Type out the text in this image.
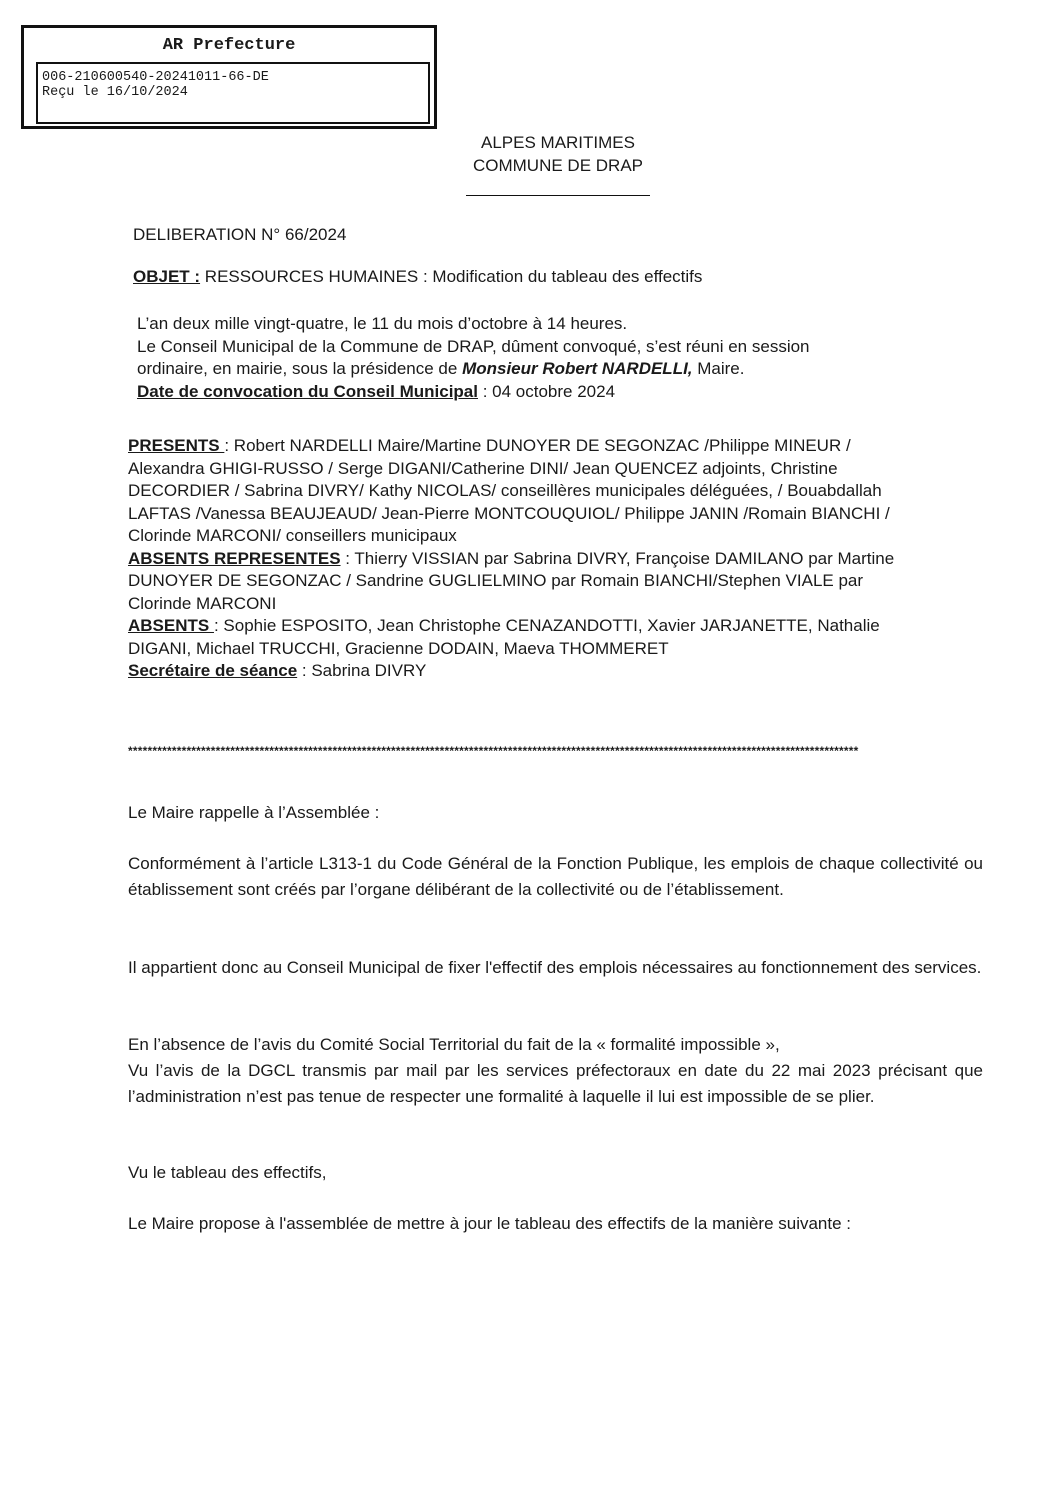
AR Prefecture
006-210600540-20241011-66-DE
Reçu le 16/10/2024
ALPES MARITIMES
COMMUNE DE DRAP
DELIBERATION N° 66/2024
OBJET : RESSOURCES HUMAINES : Modification du tableau des effectifs
L’an deux mille vingt-quatre, le 11 du mois d’octobre à 14 heures.
Le Conseil Municipal de la Commune de DRAP, dûment convoqué, s’est réuni en session
ordinaire, en mairie, sous la présidence de Monsieur Robert NARDELLI, Maire.
Date de convocation du Conseil Municipal : 04 octobre 2024
PRESENTS : Robert NARDELLI Maire/Martine DUNOYER DE SEGONZAC /Philippe MINEUR / Alexandra GHIGI-RUSSO / Serge DIGANI/Catherine DINI/ Jean QUENCEZ adjoints, Christine DECORDIER / Sabrina DIVRY/ Kathy NICOLAS/ conseillères municipales déléguées, / Bouabdallah LAFTAS /Vanessa BEAUJEAUD/ Jean-Pierre MONTCOUQUIOL/ Philippe JANIN /Romain BIANCHI / Clorinde MARCONI/ conseillers municipaux
ABSENTS REPRESENTES : Thierry VISSIAN par Sabrina DIVRY, Françoise DAMILANO par Martine DUNOYER DE SEGONZAC / Sandrine GUGLIELMINO par Romain BIANCHI/Stephen VIALE par Clorinde MARCONI
ABSENTS : Sophie ESPOSITO, Jean Christophe CENAZANDOTTI, Xavier JARJANETTE, Nathalie DIGANI, Michael TRUCCHI, Gracienne DODAIN, Maeva THOMMERET
Secrétaire de séance : Sabrina DIVRY
******************************************************************************************************************************************************
Le Maire rappelle à l’Assemblée :
Conformément à l’article L313-1 du Code Général de la Fonction Publique, les emplois de chaque collectivité ou établissement sont créés par l’organe délibérant de la collectivité ou de l’établissement.
Il appartient donc au Conseil Municipal de fixer l'effectif des emplois nécessaires au fonctionnement des services.
En l’absence de l’avis du Comité Social Territorial du fait de la « formalité impossible »,
Vu l’avis de la DGCL transmis par mail par les services préfectoraux en date du 22 mai 2023 précisant que l’administration n’est pas tenue de respecter une formalité à laquelle il lui est impossible de se plier.
Vu le tableau des effectifs,
Le Maire propose à l'assemblée de mettre à jour le tableau des effectifs de la manière suivante :
